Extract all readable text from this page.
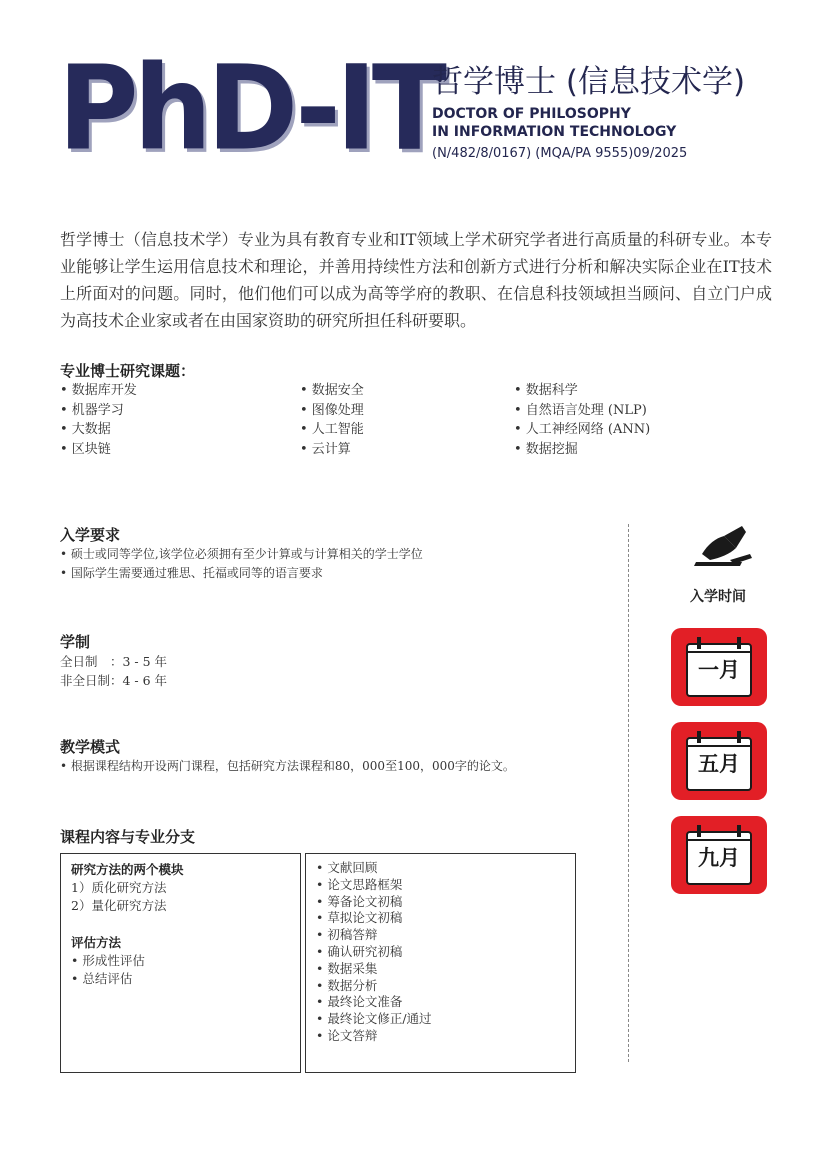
PhD-IT
哲学博士 (信息技术学)
DOCTOR OF PHILOSOPHY
IN INFORMATION TECHNOLOGY
(N/482/8/0167) (MQA/PA 9555)09/2025
哲学博士（信息技术学）专业为具有教育专业和IT领域上学术研究学者进行高质量的科研专业。本专业能够让学生运用信息技术和理论，并善用持续性方法和创新方式进行分析和解决实际企业在IT技术上所面对的问题。同时，他们他们可以成为高等学府的教职、在信息科技领域担当顾问、自立门户成为高技术企业家或者在由国家资助的研究所担任科研要职。
专业博士研究课题：
• 数据库开发
• 机器学习
• 大数据
• 区块链
• 数据安全
• 图像处理
• 人工智能
• 云计算
• 数据科学
• 自然语言处理 (NLP)
• 人工神经网络 (ANN)
• 数据挖掘
入学要求
• 硕士或同等学位,该学位必须拥有至少计算或与计算相关的学士学位
• 国际学生需要通过雅思、托福或同等的语言要求
学制
全日制　：3 - 5 年
非全日制：4 - 6 年
教学模式
• 根据课程结构开设两门课程，包括研究方法课程和80，000至100，000字的论文。
课程内容与专业分支
研究方法的两个模块
1）质化研究方法
2）量化研究方法
评估方法
• 形成性评估
• 总结评估
• 文献回顾
• 论文思路框架
• 筹备论文初稿
• 草拟论文初稿
• 初稿答辩
• 确认研究初稿
• 数据采集
• 数据分析
• 最终论文准备
• 最终论文修正/通过
• 论文答辩
入学时间
一月
五月
九月
